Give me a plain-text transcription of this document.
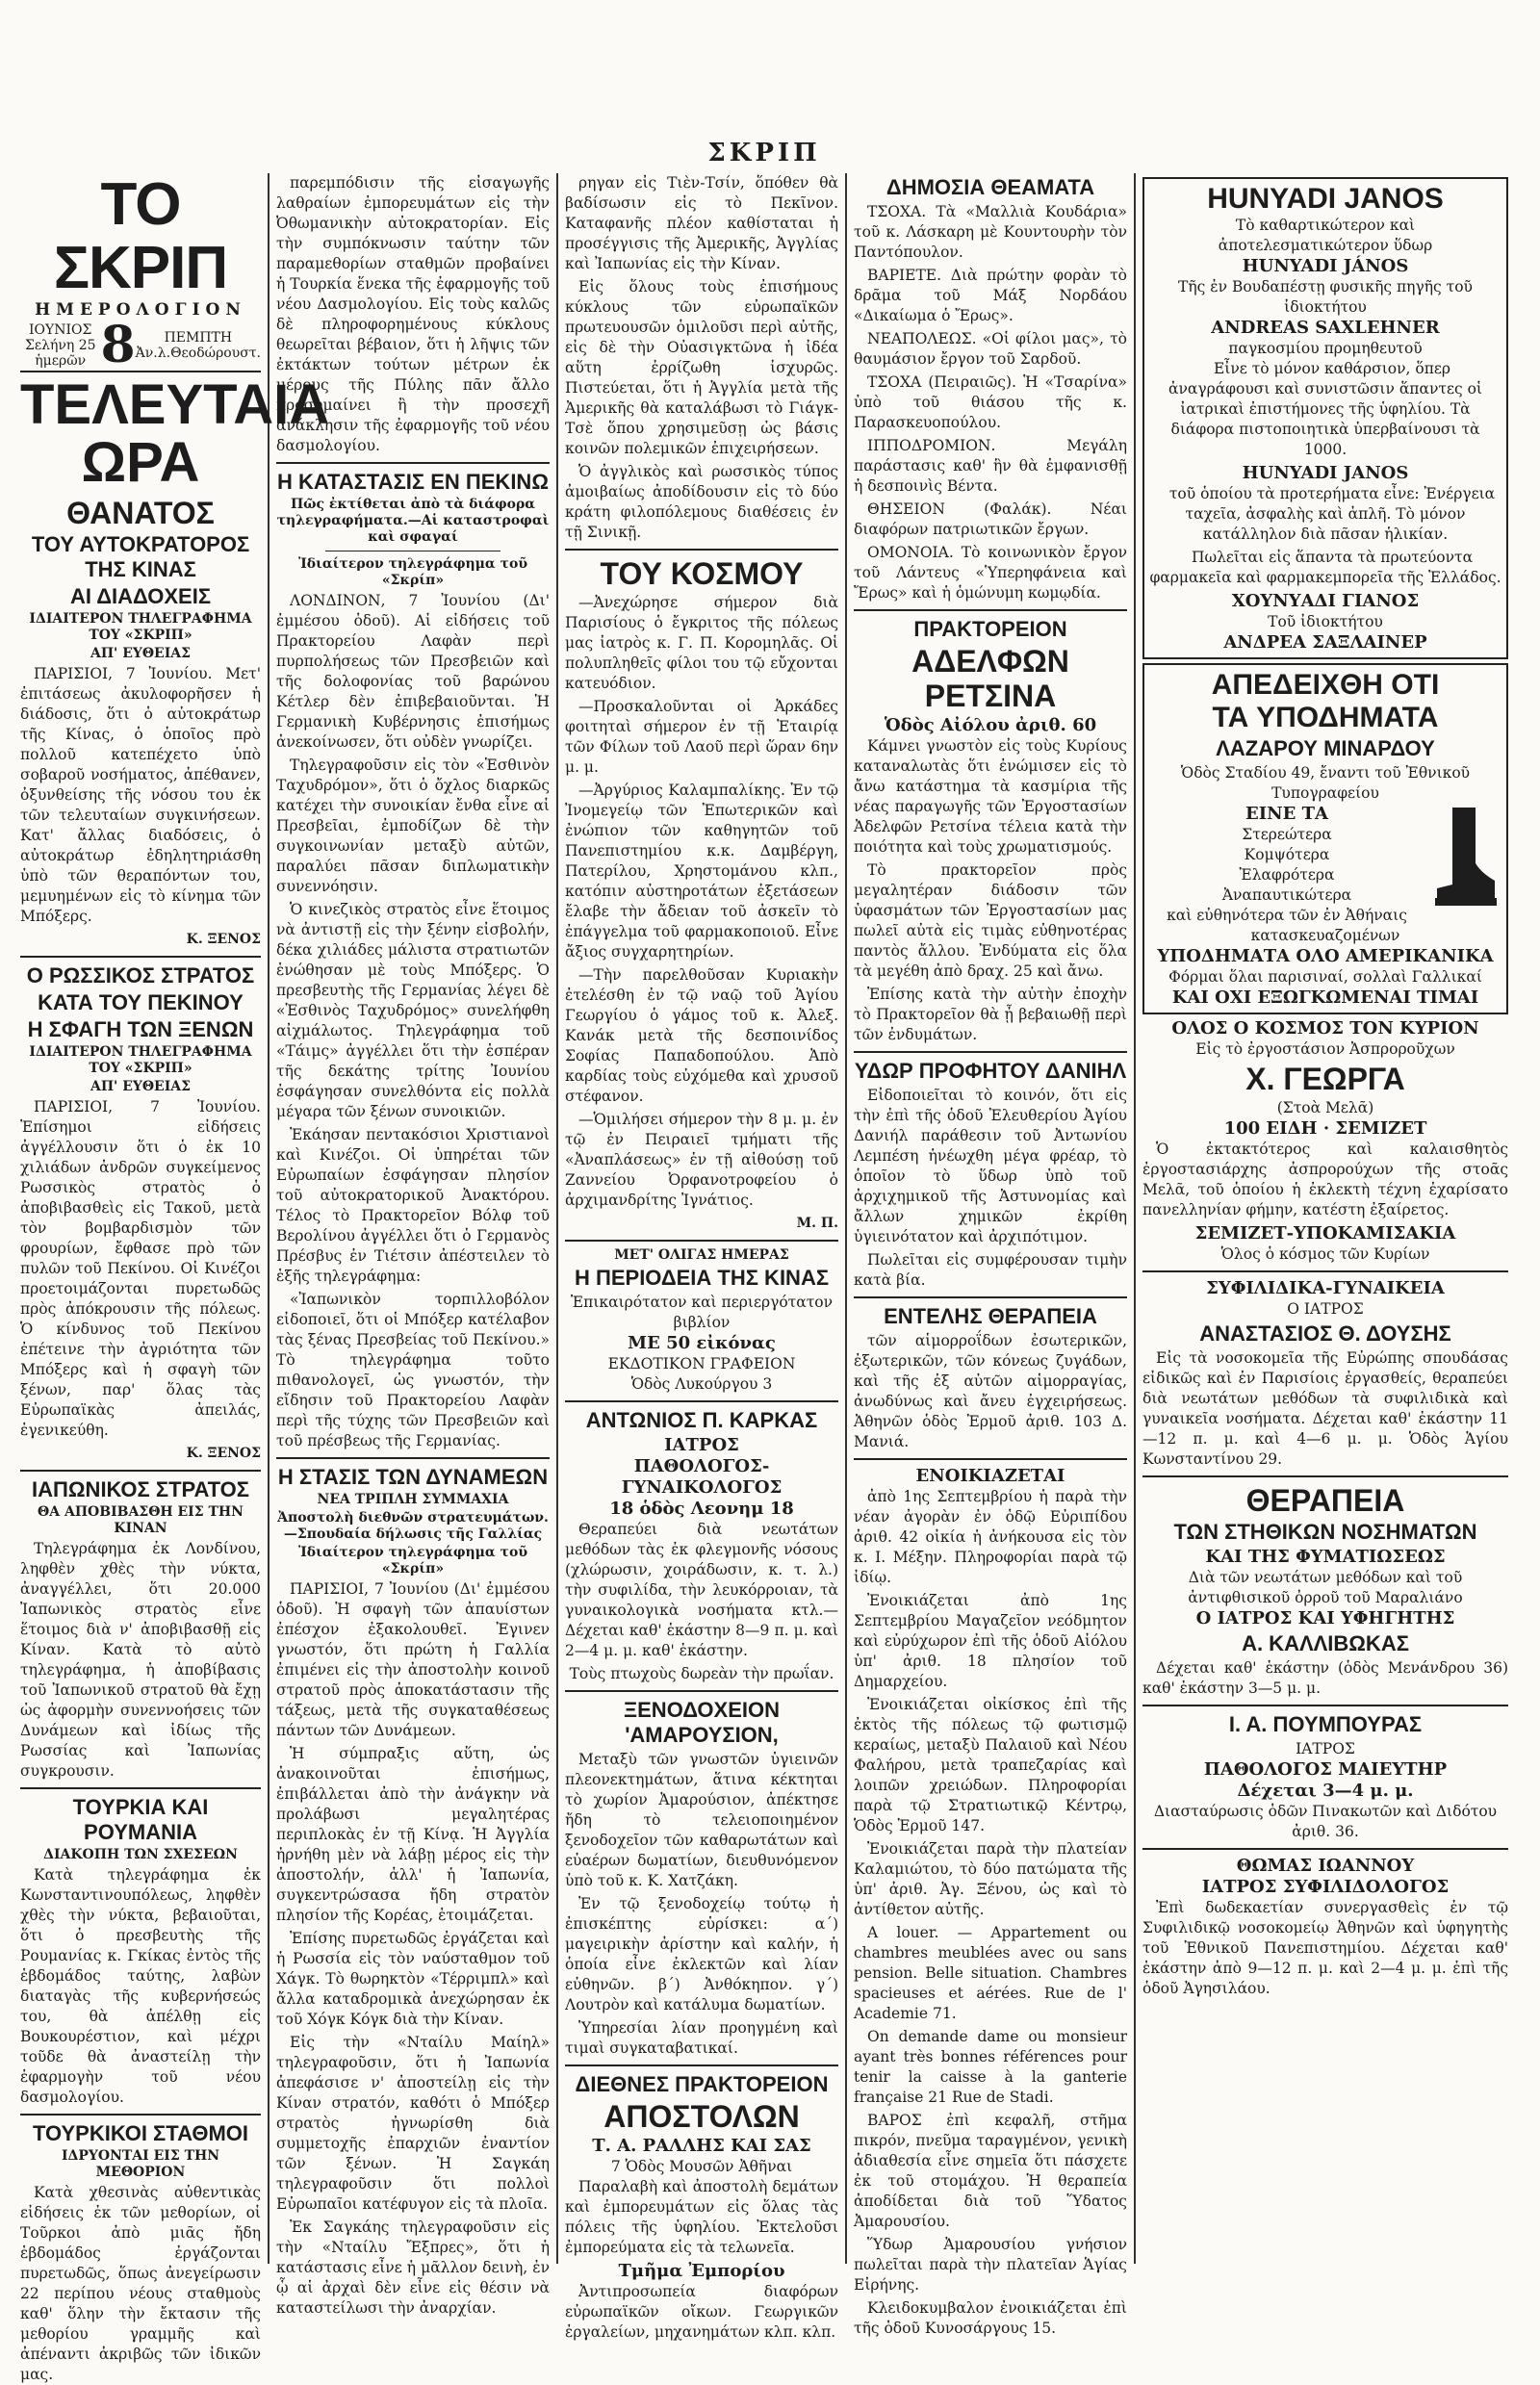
ΣΚΡΙΠ
ΤΟ ΣΚΡΙΠ
ΗΜΕΡΟΛΟΓΙΟΝ
ΙΟΥΝΙΟΣ
Σελήνη 25 ἡμερῶν 8	ΠΕΜΠΤΗ
Ἀν.λ.Θεοδώρουστ.
ΤΕΛΕΥΤΑΙΑ ΩΡΑ
ΘΑΝΑΤΟΣ
ΤΟΥ ΑΥΤΟΚΡΑΤΟΡΟΣ ΤΗΣ ΚΙΝΑΣ
ΑΙ ΔΙΑΔΟΧΕΙΣ
ΙΔΙΑΙΤΕΡΟΝ ΤΗΛΕΓΡΑΦΗΜΑ ΤΟΥ «ΣΚΡΙΠ»
ΑΠ' ΕΥΘΕΙΑΣ

ΠΑΡΙΣΙΟΙ, 7 Ἰουνίου. Μετ' ἐπιτάσεως ἀκυλοφορῆσεν ἡ διάδοσις, ὅτι ὁ αὐτοκράτωρ τῆς Κίνας, ὁ ὁποῖος πρὸ πολλοῦ κατεπέχετο ὑπὸ σοβαροῦ νοσήματος, ἀπέθανεν, ὀξυνθείσης τῆς νόσου του ἐκ τῶν τελευταίων συγκινήσεων. Κατ' ἄλλας διαδόσεις, ὁ αὐτοκράτωρ ἐδηλητηριάσθη ὑπὸ τῶν θεραπόντων του, μεμυημένων εἰς τὸ κίνημα τῶν Μπόξερς.

Κ. ΞΕΝΟΣ
Ο ΡΩΣΣΙΚΟΣ ΣΤΡΑΤΟΣ
ΚΑΤΑ ΤΟΥ ΠΕΚΙΝΟΥ
Η ΣΦΑΓΗ ΤΩΝ ΞΕΝΩΝ
ΙΔΙΑΙΤΕΡΟΝ ΤΗΛΕΓΡΑΦΗΜΑ ΤΟΥ «ΣΚΡΙΠ»
ΑΠ' ΕΥΘΕΙΑΣ

ΠΑΡΙΣΙΟΙ, 7 Ἰουνίου. Ἐπίσημοι εἰδήσεις ἀγγέλλουσιν ὅτι ὁ ἐκ 10 χιλιάδων ἀνδρῶν συγκείμενος Ρωσσικὸς στρατὸς ὁ ἀποβιβασθεὶς εἰς Τακοῦ, μετὰ τὸν βομβαρδισμὸν τῶν φρουρίων, ἔφθασε πρὸ τῶν πυλῶν τοῦ Πεκίνου. Οἱ Κινέζοι προετοιμάζονται πυρετωδῶς πρὸς ἀπόκρουσιν τῆς πόλεως. Ὁ κίνδυνος τοῦ Πεκίνου ἐπέτεινε τὴν ἀγριότητα τῶν Μπόξερς καὶ ἡ σφαγὴ τῶν ξένων, παρ' ὅλας τὰς Εὐρωπαϊκὰς ἀπειλάς, ἐγενικεύθη.

Κ. ΞΕΝΟΣ
ΙΑΠΩΝΙΚΟΣ ΣΤΡΑΤΟΣ
ΘΑ ΑΠΟΒΙΒΑΣΘΗ ΕΙΣ ΤΗΝ ΚΙΝΑΝ

Τηλεγράφημα ἐκ Λονδίνου, ληφθὲν χθὲς τὴν νύκτα, ἀναγγέλλει, ὅτι 20.000 Ἰαπωνικὸς στρατὸς εἶνε ἕτοιμος διὰ ν' ἀποβιβασθῇ εἰς Κίναν. Κατὰ τὸ αὐτὸ τηλεγράφημα, ἡ ἀποβίβασις τοῦ Ἰαπωνικοῦ στρατοῦ θὰ ἔχῃ ὡς ἀφορμὴν συνεννοήσεις τῶν Δυνάμεων καὶ ἰδίως τῆς Ρωσσίας καὶ Ἰαπωνίας συγκρουσιν.

ΤΟΥΡΚΙΑ ΚΑΙ ΡΟΥΜΑΝΙΑ
ΔΙΑΚΟΠΗ ΤΩΝ ΣΧΕΣΕΩΝ

Κατὰ τηλεγράφημα ἐκ Κωνσταντινουπόλεως, ληφθὲν χθὲς τὴν νύκτα, βεβαιοῦται, ὅτι ὁ πρεσβευτὴς τῆς Ρουμανίας κ. Γκίκας ἐντὸς τῆς ἑβδομάδος ταύτης, λαβὼν διαταγὰς τῆς κυβερνήσεώς του, θὰ ἀπέλθῃ εἰς Βουκουρέστιον, καὶ μέχρι τοῦδε θὰ ἀναστείλῃ τὴν ἐφαρμογὴν τοῦ νέου δασμολογίου.

ΤΟΥΡΚΙΚΟΙ ΣΤΑΘΜΟΙ
ΙΔΡΥΟΝΤΑΙ ΕΙΣ ΤΗΝ ΜΕΘΟΡΙΟΝ

Κατὰ χθεσινὰς αὐθεντικὰς εἰδήσεις ἐκ τῶν μεθορίων, οἱ Τοῦρκοι ἀπὸ μιᾶς ἤδη ἑβδομάδος ἐργάζονται πυρετωδῶς, ὅπως ἀνεγείρωσιν 22 περίπου νέους σταθμοὺς καθ' ὅλην τὴν ἔκτασιν τῆς μεθορίου γραμμῆς καὶ ἀπέναντι ἀκριβῶς τῶν ἰδικῶν μας.

παρεμπόδισιν τῆς εἰσαγωγῆς λαθραίων ἐμπορευμάτων εἰς τὴν Ὀθωμανικὴν αὐτοκρατορίαν. Εἰς τὴν συμπόκνωσιν ταύτην τῶν παραμεθορίων σταθμῶν προβαίνει ἡ Τουρκία ἕνεκα τῆς ἐφαρμογῆς τοῦ νέου Δασμολογίου. Εἰς τοὺς καλῶς δὲ πληροφορημένους κύκλους θεωρεῖται βέβαιον, ὅτι ἡ λῆψις τῶν ἐκτάκτων τούτων μέτρων ἐκ μέρους τῆς Πύλης πᾶν ἄλλο προσημαίνει ἢ τὴν προσεχῆ ἀνάκλησιν τῆς ἐφαρμογῆς τοῦ νέου δασμολογίου.

Η ΚΑΤΑΣΤΑΣΙΣ ΕΝ ΠΕΚΙΝΩ
Πῶς ἐκτίθεται ἀπὸ τὰ διάφορα τηλεγραφήματα.—Αἱ καταστροφαὶ καὶ σφαγαί
Ἰδιαίτερον τηλεγράφημα τοῦ «Σκρίπ»

ΛΟΝΔΙΝΟΝ, 7 Ἰουνίου (Δι' ἐμμέσου ὁδοῦ). Αἱ εἰδήσεις τοῦ Πρακτορείου Λαφὰν περὶ πυρπολήσεως τῶν Πρεσβειῶν καὶ τῆς δολοφονίας τοῦ βαρώνου Κέτλερ δὲν ἐπιβεβαιοῦνται. Ἡ Γερμανικὴ Κυβέρνησις ἐπισήμως ἀνεκοίνωσεν, ὅτι οὐδὲν γνωρίζει.

Τηλεγραφοῦσιν εἰς τὸν «Ἑσθινὸν Ταχυδρόμον», ὅτι ὁ ὄχλος διαρκῶς κατέχει τὴν συνοικίαν ἔνθα εἶνε αἱ Πρεσβεῖαι, ἐμποδίζων δὲ τὴν συγκοινωνίαν μεταξὺ αὐτῶν, παραλύει πᾶσαν διπλωματικὴν συνεννόησιν.

Ὁ κινεζικὸς στρατὸς εἶνε ἕτοιμος νὰ ἀντιστῇ εἰς τὴν ξένην εἰσβολήν, δέκα χιλιάδες μάλιστα στρατιωτῶν ἑνώθησαν μὲ τοὺς Μπόξερς. Ὁ πρεσβευτὴς τῆς Γερμανίας λέγει δὲ «Ἑσθινὸς Ταχυδρόμος» συνελήφθη αἰχμάλωτος. Τηλεγράφημα τοῦ «Τάιμς» ἀγγέλλει ὅτι τὴν ἑσπέραν τῆς δεκάτης τρίτης Ἰουνίου ἐσφάγησαν συνελθόντα εἰς πολλὰ μέγαρα τῶν ξένων συνοικιῶν.

Ἐκάησαν πεντακόσιοι Χριστιανοὶ καὶ Κινέζοι. Οἱ ὑπηρέται τῶν Εὐρωπαίων ἐσφάγησαν πλησίον τοῦ αὐτοκρατορικοῦ Ἀνακτόρου. Τέλος τὸ Πρακτορεῖον Βόλφ τοῦ Βερολίνου ἀγγέλλει ὅτι ὁ Γερμανὸς Πρέσβυς ἐν Τιέτσιν ἀπέστειλεν τὸ ἑξῆς τηλεγράφημα:

«Ἰαπωνικὸν τορπιλλοβόλον εἰδοποιεῖ, ὅτι οἱ Μπόξερ κατέλαβον τὰς ξένας Πρεσβείας τοῦ Πεκίνου.» Τὸ τηλεγράφημα τοῦτο πιθανολογεῖ, ὡς γνωστόν, τὴν εἴδησιν τοῦ Πρακτορείου Λαφὰν περὶ τῆς τύχης τῶν Πρεσβειῶν καὶ τοῦ πρέσβεως τῆς Γερμανίας.

Η ΣΤΑΣΙΣ ΤΩΝ ΔΥΝΑΜΕΩΝ
ΝΕΑ ΤΡΙΠΛΗ ΣΥΜΜΑΧΙΑ
Ἀποστολὴ διεθνῶν στρατευμάτων.—Σπουδαία δήλωσις τῆς Γαλλίας
Ἰδιαίτερον τηλεγράφημα τοῦ «Σκρίπ»

ΠΑΡΙΣΙΟΙ, 7 Ἰουνίου (Δι' ἐμμέσου ὁδοῦ). Ἡ σφαγὴ τῶν ἀπαυίστων ἐπέσχον ἐξακολουθεῖ. Ἐγινεν γνωστόν, ὅτι πρώτη ἡ Γαλλία ἐπιμένει εἰς τὴν ἀποστολὴν κοινοῦ στρατοῦ πρὸς ἀποκατάστασιν τῆς τάξεως, μετὰ τῆς συγκαταθέσεως πάντων τῶν Δυνάμεων.

Ἡ σύμπραξις αὕτη, ὡς ἀνακοινοῦται ἐπισήμως, ἐπιβάλλεται ἀπὸ τὴν ἀνάγκην νὰ προλάβωσι μεγαλητέρας περιπλοκὰς ἐν τῇ Κίνᾳ. Ἡ Ἀγγλία ἠρνήθη μὲν νὰ λάβῃ μέρος εἰς τὴν ἀποστολήν, ἀλλ' ἡ Ἰαπωνία, συγκεντρώσασα ἤδη στρατὸν πλησίον τῆς Κορέας, ἑτοιμάζεται.

Ἐπίσης πυρετωδῶς ἐργάζεται καὶ ἡ Ρωσσία εἰς τὸν ναύσταθμον τοῦ Χάγκ. Τὸ θωρηκτὸν «Τέρριμπλ» καὶ ἄλλα καταδρομικὰ ἀνεχώρησαν ἐκ τοῦ Χόγκ Κόγκ διὰ τὴν Κίναν.

Εἰς τὴν «Νταίλυ Μαίηλ» τηλεγραφοῦσιν, ὅτι ἡ Ἰαπωνία ἀπεφάσισε ν' ἀποστείλῃ εἰς τὴν Κίναν στρατόν, καθότι ὁ Μπόξερ στρατὸς ἠγνωρίσθη διὰ συμμετοχῆς ἐπαρχιῶν ἐναντίον τῶν ξένων. Ἡ Σαγκάη τηλεγραφοῦσιν ὅτι πολλοὶ Εὐρωπαῖοι κατέφυγον εἰς τὰ πλοῖα.

Ἐκ Σαγκάης τηλεγραφοῦσιν εἰς τὴν «Νταίλυ Ἔξπρες», ὅτι ἡ κατάστασις εἶνε ἡ μᾶλλον δεινὴ, ἐν ᾧ αἱ ἀρχαὶ δὲν εἶνε εἰς θέσιν νὰ καταστείλωσι τὴν ἀναρχίαν.

ρηγαν εἰς Τιὲν-Τσίν, ὅπόθεν θὰ βαδίσωσιν εἰς τὸ Πεκῖνον. Καταφανῆς πλέον καθίσταται ἡ προσέγγισις τῆς Ἀμερικῆς, Ἀγγλίας καὶ Ἰαπωνίας εἰς τὴν Κίναν.

Εἰς ὅλους τοὺς ἐπισήμους κύκλους τῶν εὐρωπαϊκῶν πρωτευουσῶν ὁμιλοῦσι περὶ αὐτῆς, εἰς δὲ τὴν Οὐασιγκτῶνα ἡ ἰδέα αὕτη ἐρρίζωθη ἰσχυρῶς. Πιστεύεται, ὅτι ἡ Ἀγγλία μετὰ τῆς Ἀμερικῆς θὰ καταλάβωσι τὸ Γιάγκ-Τσὲ ὅπου χρησιμεῦσῃ ὡς βάσις κοινῶν πολεμικῶν ἐπιχειρήσεων.

Ὁ ἀγγλικὸς καὶ ρωσσικὸς τύπος ἀμοιβαίως ἀποδίδουσιν εἰς τὸ δύο κράτη φιλοπόλεμους διαθέσεις ἐν τῇ Σινικῇ.

ΤΟΥ ΚΟΣΜΟΥ

—Ἀνεχώρησε σήμερον διὰ Παρισίους ὁ ἔγκριτος τῆς πόλεως μας ἰατρὸς κ. Γ. Π. Κορομηλᾶς. Οἱ πολυπληθεῖς φίλοι του τῷ εὔχονται κατευόδιον.

—Προσκαλοῦνται οἱ Ἀρκάδες φοιτηταὶ σήμερον ἐν τῇ Ἑταιρίᾳ τῶν Φίλων τοῦ Λαοῦ περὶ ὥραν 6ην μ. μ.

—Ἀργύριος Καλαμπαλίκης. Ἐν τῷ Ἰνομεγείῳ τῶν Ἐπωτερικῶν καὶ ἐνώπιον τῶν καθηγητῶν τοῦ Πανεπιστημίου κ.κ. Δαμβέργη, Πατερίλου, Χρηστομάνου κλπ., κατόπιν αὐστηροτάτων ἐξετάσεων ἔλαβε τὴν ἄδειαν τοῦ ἀσκεῖν τὸ ἐπάγγελμα τοῦ φαρμακοποιοῦ. Εἶνε ἄξιος συγχαρητηρίων.

—Τὴν παρελθοῦσαν Κυριακὴν ἐτελέσθη ἐν τῷ ναῷ τοῦ Ἁγίου Γεωργίου ὁ γάμος τοῦ κ. Ἀλεξ. Κανάκ μετὰ τῆς δεσποινίδος Σοφίας Παπαδοπούλου. Ἀπὸ καρδίας τοὺς εὐχόμεθα καὶ χρυσοῦ στέφανον.

—Ὁμιλήσει σήμερον τὴν 8 μ. μ. ἐν τῷ ἐν Πειραιεῖ τμήματι τῆς «Ἀναπλάσεως» ἐν τῇ αἰθούσῃ τοῦ Ζαννείου Ὀρφανοτροφείου ὁ ἀρχιμανδρίτης Ἰγνάτιος.

Μ. Π.
ΜΕΤ' ΟΛΙΓΑΣ ΗΜΕΡΑΣ
Η ΠΕΡΙΟΔΕΙΑ ΤΗΣ ΚΙΝΑΣ
Ἐπικαιρότατον καὶ περιεργότατον βιβλίον
ΜΕ 50 εἰκόνας
ΕΚΔΟΤΙΚΟΝ ΓΡΑΦΕΙΟΝ
Ὁδὸς Λυκούργου 3
ΑΝΤΩΝΙΟΣ Π. ΚΑΡΚΑΣ
ΙΑΤΡΟΣ
ΠΑΘΟΛΟΓΟΣ-ΓΥΝΑΙΚΟΛΟΓΟΣ
18 ὁδὸς Λεονημ 18

Θεραπεύει διὰ νεωτάτων μεθόδων τὰς ἐκ φλεγμονῆς νόσους (χλώρωσιν, χοιράδωσιν, κ. τ. λ.) τὴν συφιλίδα, τὴν λευκόρροιαν, τὰ γυναικολογικὰ νοσήματα κτλ.—Δέχεται καθ' ἑκάστην 8—9 π. μ. καὶ 2—4 μ. μ. καθ' ἑκάστην.

Τοὺς πτωχοὺς δωρεὰν τὴν πρωΐαν.
ΞΕΝΟΔΟΧΕΙΟΝ 'ΑΜΑΡΟΥΣΙΟΝ,

Μεταξὺ τῶν γνωστῶν ὑγιεινῶν πλεονεκτημάτων, ἅτινα κέκτηται τὸ χωρίον Ἀμαρούσιον, ἀπέκτησε ἤδη τὸ τελειοποιημένον ξενοδοχεῖον τῶν καθαρωτάτων καὶ εὐαέρων δωματίων, διευθυνόμενον ὑπὸ τοῦ κ. Κ. Χατζάκη.

Ἐν τῷ ξενοδοχείῳ τούτῳ ἡ ἐπισκέπτης εὑρίσκει: α΄) μαγειρικὴν ἀρίστην καὶ καλήν, ἡ ὁποία εἶνε ἐκλεκτῶν καὶ λίαν εὐθηνῶν. β΄) Ἀνθόκηπον. γ΄) Λουτρὸν καὶ κατάλυμα δωματίων.

Ὑπηρεσίαι λίαν προηγμένη καὶ τιμαὶ συγκαταβατικαί.

ΔΙΕΘΝΕΣ ΠΡΑΚΤΟΡΕΙΟΝ
ΑΠΟΣΤΟΛΩΝ
Τ. Α. ΡΑΛΛΗΣ ΚΑΙ ΣΑΣ
7 Ὁδὸς Μουσῶν Ἀθῆναι

Παραλαβὴ καὶ ἀποστολὴ δεμάτων καὶ ἐμπορευμάτων εἰς ὅλας τὰς πόλεις τῆς ὑφηλίου. Ἐκτελοῦσι ἐμπορεύματα εἰς τὰ τελωνεῖα.

Τμῆμα Ἐμπορίου

Ἀντιπροσωπεία διαφόρων εὐρωπαϊκῶν οἴκων. Γεωργικῶν ἐργαλείων, μηχανημάτων κλπ. κλπ.

ΔΗΜΟΣΙΑ ΘΕΑΜΑΤΑ

ΤΣΟΧΑ. Τὰ «Μαλλιὰ Κουδάρια» τοῦ κ. Λάσκαρη μὲ Κουντουρὴν τὸν Παντόπουλον.

ΒΑΡΙΕΤΕ. Διὰ πρώτην φορὰν τὸ δρᾶμα τοῦ Μάξ Νορδάου «Δικαίωμα ὁ Ἔρως».

ΝΕΑΠΟΛΕΩΣ. «Οἱ φίλοι μας», τὸ θαυμάσιον ἔργον τοῦ Σαρδοῦ.

ΤΣΟΧΑ (Πειραιῶς). Ἡ «Τσαρίνα» ὑπὸ τοῦ θιάσου τῆς κ. Παρασκευοπούλου.

ΙΠΠΟΔΡΟΜΙΟΝ. Μεγάλη παράστασις καθ' ἣν θὰ ἐμφανισθῇ ἡ δεσποινὶς Βέντα.

ΘΗΣΕΙΟΝ (Φαλάκ). Νέαι διαφόρων πατριωτικῶν ἔργων.

ΟΜΟΝΟΙΑ. Τὸ κοινωνικὸν ἔργον τοῦ Λάντευς «Ὑπερηφάνεια καὶ Ἔρως» καὶ ἡ ὁμώνυμη κωμῳδία.

ΠΡΑΚΤΟΡΕΙΟΝ
ΑΔΕΛΦΩΝ ΡΕΤΣΙΝΑ
Ὁδὸς Αἰόλου ἀριθ. 60

Κάμνει γνωστὸν εἰς τοὺς Κυρίους καταναλωτὰς ὅτι ἐνώμισεν εἰς τὸ ἄνω κατάστημα τὰ κασμίρια τῆς νέας παραγωγῆς τῶν Ἐργοστασίων Ἀδελφῶν Ρετσίνα τέλεια κατὰ τὴν ποιότητα καὶ τοὺς χρωματισμούς.

Τὸ πρακτορεῖον πρὸς μεγαλητέραν διάδοσιν τῶν ὑφασμάτων τῶν Ἐργοστασίων μας πωλεῖ αὐτὰ εἰς τιμὰς εὐθηνοτέρας παντὸς ἄλλου. Ἐνδύματα εἰς ὅλα τὰ μεγέθη ἀπὸ δραχ. 25 καὶ ἄνω.

Ἐπίσης κατὰ τὴν αὐτὴν ἐποχὴν τὸ Πρακτορεῖον θὰ ᾖ βεβαιωθῇ περὶ τῶν ἐνδυμάτων.

ΥΔΩΡ ΠΡΟΦΗΤΟΥ ΔΑΝΙΗΛ

Εἰδοποιεῖται τὸ κοινόν, ὅτι εἰς τὴν ἐπὶ τῆς ὁδοῦ Ἐλευθερίου Ἀγίου Δανιήλ παράθεσιν τοῦ Ἀντωνίου Λεμπέση ἡνέωχθη μέγα φρέαρ, τὸ ὁποῖον τὸ ὕδωρ ὑπὸ τοῦ ἀρχιχημικοῦ τῆς Ἀστυνομίας καὶ ἄλλων χημικῶν ἐκρίθη ὑγιεινότατον καὶ ἀρχιπότιμον.

Πωλεῖται εἰς συμφέρουσαν τιμὴν κατὰ βία.

ΕΝΤΕΛΗΣ ΘΕΡΑΠΕΙΑ

τῶν αἱμορροΐδων ἐσωτερικῶν, ἐξωτερικῶν, τῶν κόνεως ζυγάδων, καὶ τῆς ἐξ αὐτῶν αἱμορραγίας, ἀνωδύνως καὶ ἄνευ ἐγχειρήσεως. Ἀθηνῶν ὁδὸς Ἐρμοῦ ἀριθ. 103 Δ. Μανιά.

ΕΝΟΙΚΙΑΖΕΤΑΙ

ἀπὸ 1ης Σεπτεμβρίου ἡ παρὰ τὴν νέαν ἀγορὰν ἐν ὁδῷ Εὐριπίδου ἀριθ. 42 οἰκία ἡ ἀνήκουσα εἰς τὸν κ. Ι. Μέξην. Πληροφορίαι παρὰ τῷ ἰδίῳ.

Ἐνοικιάζεται ἀπὸ 1ης Σεπτεμβρίου Μαγαζεῖον νεόδμητον καὶ εὐρύχωρον ἐπὶ τῆς ὁδοῦ Αἰόλου ὑπ' ἀριθ. 18 πλησίον τοῦ Δημαρχείου.

Ἐνοικιάζεται οἰκίσκος ἐπὶ τῆς ἐκτὸς τῆς πόλεως τῷ φωτισμῷ κεραίως, μεταξὺ Παλαιοῦ καὶ Νέου Φαλήρου, μετὰ τραπεζαρίας καὶ λοιπῶν χρειώδων. Πληροφορίαι παρὰ τῷ Στρατιωτικῷ Κέντρῳ, Ὁδὸς Ἑρμοῦ 147.

Ἐνοικιάζεται παρὰ τὴν πλατείαν Καλαμιώτου, τὸ δύο πατώματα τῆς ὑπ' ἀριθ. Ἀγ. Ξένου, ὡς καὶ τὸ ἀντίθετον αὐτῆς.

A louer. — Appartement ou chambres meublées avec ou sans pension. Belle situation. Chambres spacieuses et aérées. Rue de l' Academie 71.

On demande dame ou monsieur ayant très bonnes références pour tenir la caisse à la ganterie française 21 Rue de Stadi.

ΒΑΡΟΣ ἐπὶ κεφαλῆ, στῆμα πικρόν, πνεῦμα ταραγμένον, γενικὴ ἀδιαθεσία εἶνε σημεῖα ὅτι πάσχετε ἐκ τοῦ στομάχου. Ἡ θεραπεία ἀποδίδεται διὰ τοῦ Ὕδατος Ἀμαρουσίου.

Ὕδωρ Ἀμαρουσίου γνήσιον πωλεῖται παρὰ τὴν πλατεῖαν Ἁγίας Εἰρήνης.

Κλειδοκυμβαλον ἐνοικιάζεται ἐπὶ τῆς ὁδοῦ Κυνοσάργους 15.

HUNYADI JANOS
Τὸ καθαρτικώτερον καὶ ἀποτελεσματικώτερον ὕδωρ
HUNYADI JÁNOS
Τῆς ἐν Βουδαπέστῃ φυσικῆς πηγῆς τοῦ ἰδιοκτήτου
ANDREAS SAXLEHNER
παγκοσμίου προμηθευτοῦ

Εἶνε τὸ μόνον καθάρσιον, ὅπερ ἀναγράφουσι καὶ συνιστῶσιν ἅπαντες οἱ ἰατρικαὶ ἐπιστήμονες τῆς ὑφηλίου. Τὰ διάφορα πιστοποιητικὰ ὑπερβαίνουσι τὰ 1000.

HUNYADI JANOS

τοῦ ὁποίου τὰ προτερήματα εἶνε: Ἐνέργεια ταχεῖα, ἀσφαλὴς καὶ ἀπλῆ. Τὸ μόνον κατάλληλον διὰ πᾶσαν ἡλικίαν.

Πωλεῖται εἰς ἅπαντα τὰ πρωτεύοντα φαρμακεῖα καὶ φαρμακεμπορεῖα τῆς Ἑλλάδος.

ΧΟΥΝΥΑΔΙ ΓΙΑΝΟΣ
Τοῦ ἰδιοκτήτου
ΑΝΔΡΕΑ ΣΑΞΛΑΙΝΕΡ
ΑΠΕΔΕΙΧΘΗ ΟΤΙ
ΤΑ ΥΠΟΔΗΜΑΤΑ
ΛΑΖΑΡΟΥ ΜΙΝΑΡΔΟΥ
Ὁδὸς Σταδίου 49, ἔναντι τοῦ Ἐθνικοῦ Τυπογραφείου
ΕΙΝΕ ΤΑ
Στερεώτερα
Κομψότερα
Ἐλαφρότερα
Ἀναπαυτικώτερα
καὶ εὐθηνότερα τῶν ἐν Ἀθήναις κατασκευαζομένων
ΥΠΟΔΗΜΑΤΑ ΟΛΟ ΑΜΕΡΙΚΑΝΙΚΑ
Φόρμαι ὅλαι παρισιναί, σολλαὶ Γαλλικαί
ΚΑΙ ΟΧΙ ΕΞΩΓΚΩΜΕΝΑΙ ΤΙΜΑΙ
ΟΛΟΣ Ο ΚΟΣΜΟΣ ΤΟΝ ΚΥΡΙΟΝ
Εἰς τὸ ἐργοστάσιον Ἀσπροροῦχων
Χ. ΓΕΩΡΓΑ
(Στοὰ Μελᾶ)
100 ΕΙΔΗ · ΣΕΜΙΖΕΤ

Ὁ ἐκτακτότερος καὶ καλαισθητὸς ἐργοστασιάρχης ἀσπρορούχων τῆς στοᾶς Μελᾶ, τοῦ ὁποίου ἡ ἐκλεκτὴ τέχνη ἐχαρίσατο πανελληνίαν φήμην, κατέστη ἐξαίρετος.

ΣΕΜΙΖΕΤ-ΥΠΟΚΑΜΙΣΑΚΙΑ
Ὁλος ὁ κόσμος τῶν Κυρίων
ΣΥΦΙΛΙΔΙΚΑ-ΓΥΝΑΙΚΕΙΑ
Ο ΙΑΤΡΟΣ
ΑΝΑΣΤΑΣΙΟΣ Θ. ΔΟΥΣΗΣ

Εἰς τὰ νοσοκομεῖα τῆς Εὐρώπης σπουδάσας εἰδικῶς καὶ ἐν Παρισίοις ἐργασθείς, θεραπεύει διὰ νεωτάτων μεθόδων τὰ συφιλιδικὰ καὶ γυναικεῖα νοσήματα. Δέχεται καθ' ἑκάστην 11—12 π. μ. καὶ 4—6 μ. μ. Ὁδὸς Ἁγίου Κωνσταντίνου 29.

ΘΕΡΑΠΕΙΑ
ΤΩΝ ΣΤΗΘΙΚΩΝ ΝΟΣΗΜΑΤΩΝ
ΚΑΙ ΤΗΣ ΦΥΜΑΤΙΩΣΕΩΣ
Διὰ τῶν νεωτάτων μεθόδων καὶ τοῦ ἀντιφθισικοῦ ὀρροῦ τοῦ Μαραλιάνο
Ο ΙΑΤΡΟΣ ΚΑΙ ΥΦΗΓΗΤΗΣ
Α. ΚΑΛΛΙΒΩΚΑΣ

Δέχεται καθ' ἑκάστην (ὁδὸς Μενάνδρου 36) καθ' ἑκάστην 3—5 μ. μ.

Ι. Α. ΠΟΥΜΠΟΥΡΑΣ
ΙΑΤΡΟΣ
ΠΑΘΟΛΟΓΟΣ ΜΑΙΕΥΤΗΡ
Δέχεται 3—4 μ. μ.
Διασταύρωσις ὁδῶν Πινακωτῶν καὶ Διδότου ἀριθ. 36.
ΘΩΜΑΣ ΙΩΑΝΝΟΥ
ΙΑΤΡΟΣ ΣΥΦΙΛΙΔΟΛΟΓΟΣ

Ἐπὶ δωδεκαετίαν συνεργασθεὶς ἐν τῷ Συφιλιδικῷ νοσοκομείῳ Ἀθηνῶν καὶ ὑφηγητὴς τοῦ Ἐθνικοῦ Πανεπιστημίου. Δέχεται καθ' ἑκάστην ἀπὸ 9—12 π. μ. καὶ 2—4 μ. μ. ἐπὶ τῆς ὁδοῦ Ἀγησιλάου.
